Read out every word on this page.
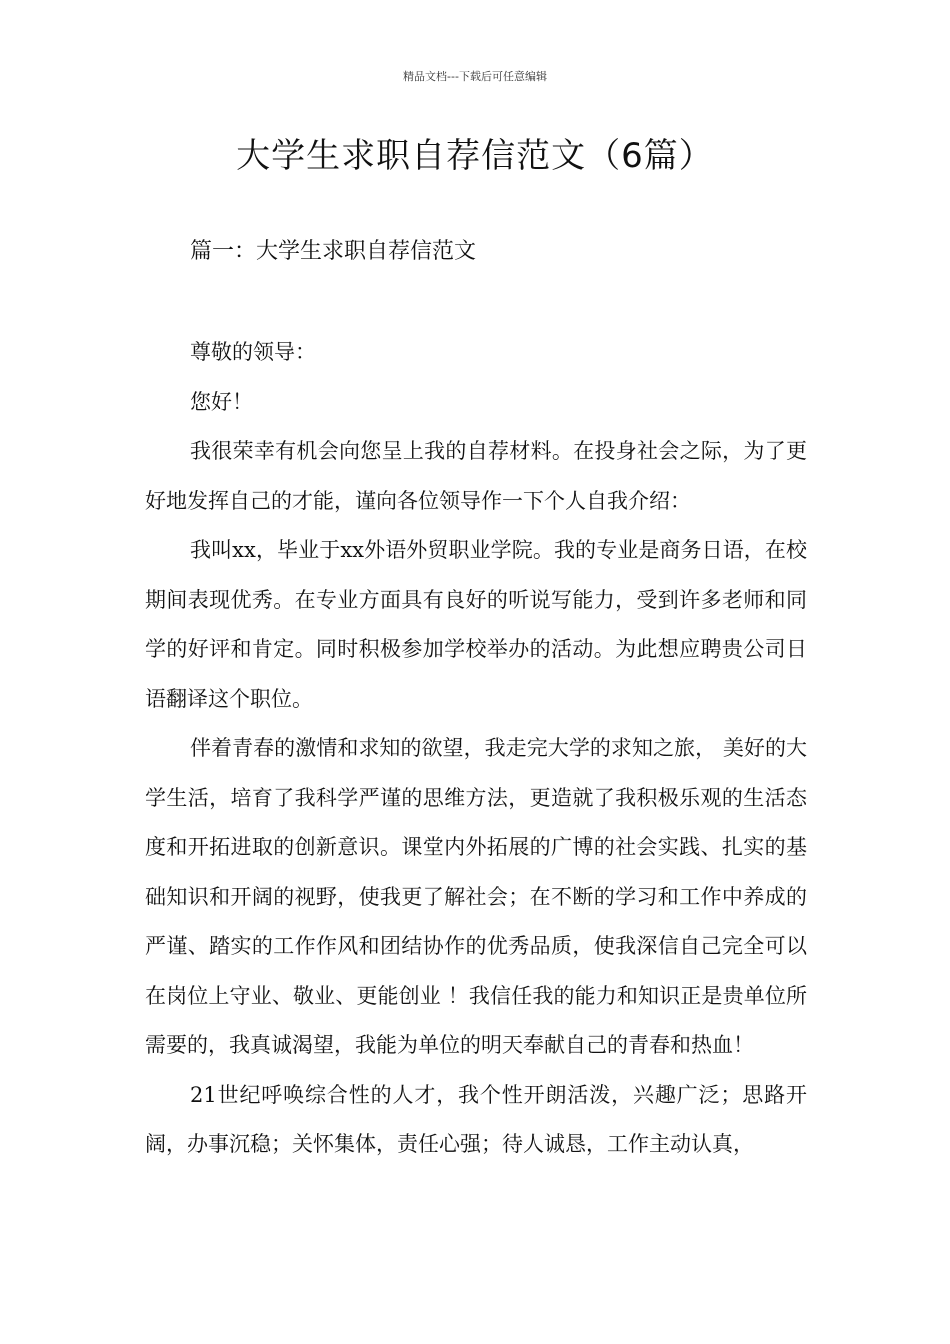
精品文档---下载后可任意编辑
大学生求职自荐信范文（6篇）
篇一：大学生求职自荐信范文

尊敬的领导：

您好！

我很荣幸有机会向您呈上我的自荐材料。在投身社会之际，为了更好地发挥自己的才能，谨向各位领导作一下个人自我介绍：

我叫xx，毕业于xx外语外贸职业学院。我的专业是商务日语，在校期间表现优秀。在专业方面具有良好的听说写能力，受到许多老师和同学的好评和肯定。同时积极参加学校举办的活动。为此想应聘贵公司日语翻译这个职位。

伴着青春的激情和求知的欲望，我走完大学的求知之旅， 美好的大学生活，培育了我科学严谨的思维方法，更造就了我积极乐观的生活态度和开拓进取的创新意识。课堂内外拓展的广博的社会实践、扎实的基础知识和开阔的视野，使我更了解社会；在不断的学习和工作中养成的严谨、踏实的工作作风和团结协作的优秀品质，使我深信自己完全可以在岗位上守业、敬业、更能创业 ！我信任我的能力和知识正是贵单位所需要的，我真诚渴望，我能为单位的明天奉献自己的青春和热血！

21世纪呼唤综合性的人才，我个性开朗活泼，兴趣广泛；思路开阔，办事沉稳；关怀集体，责任心强；待人诚恳，工作主动认真，
